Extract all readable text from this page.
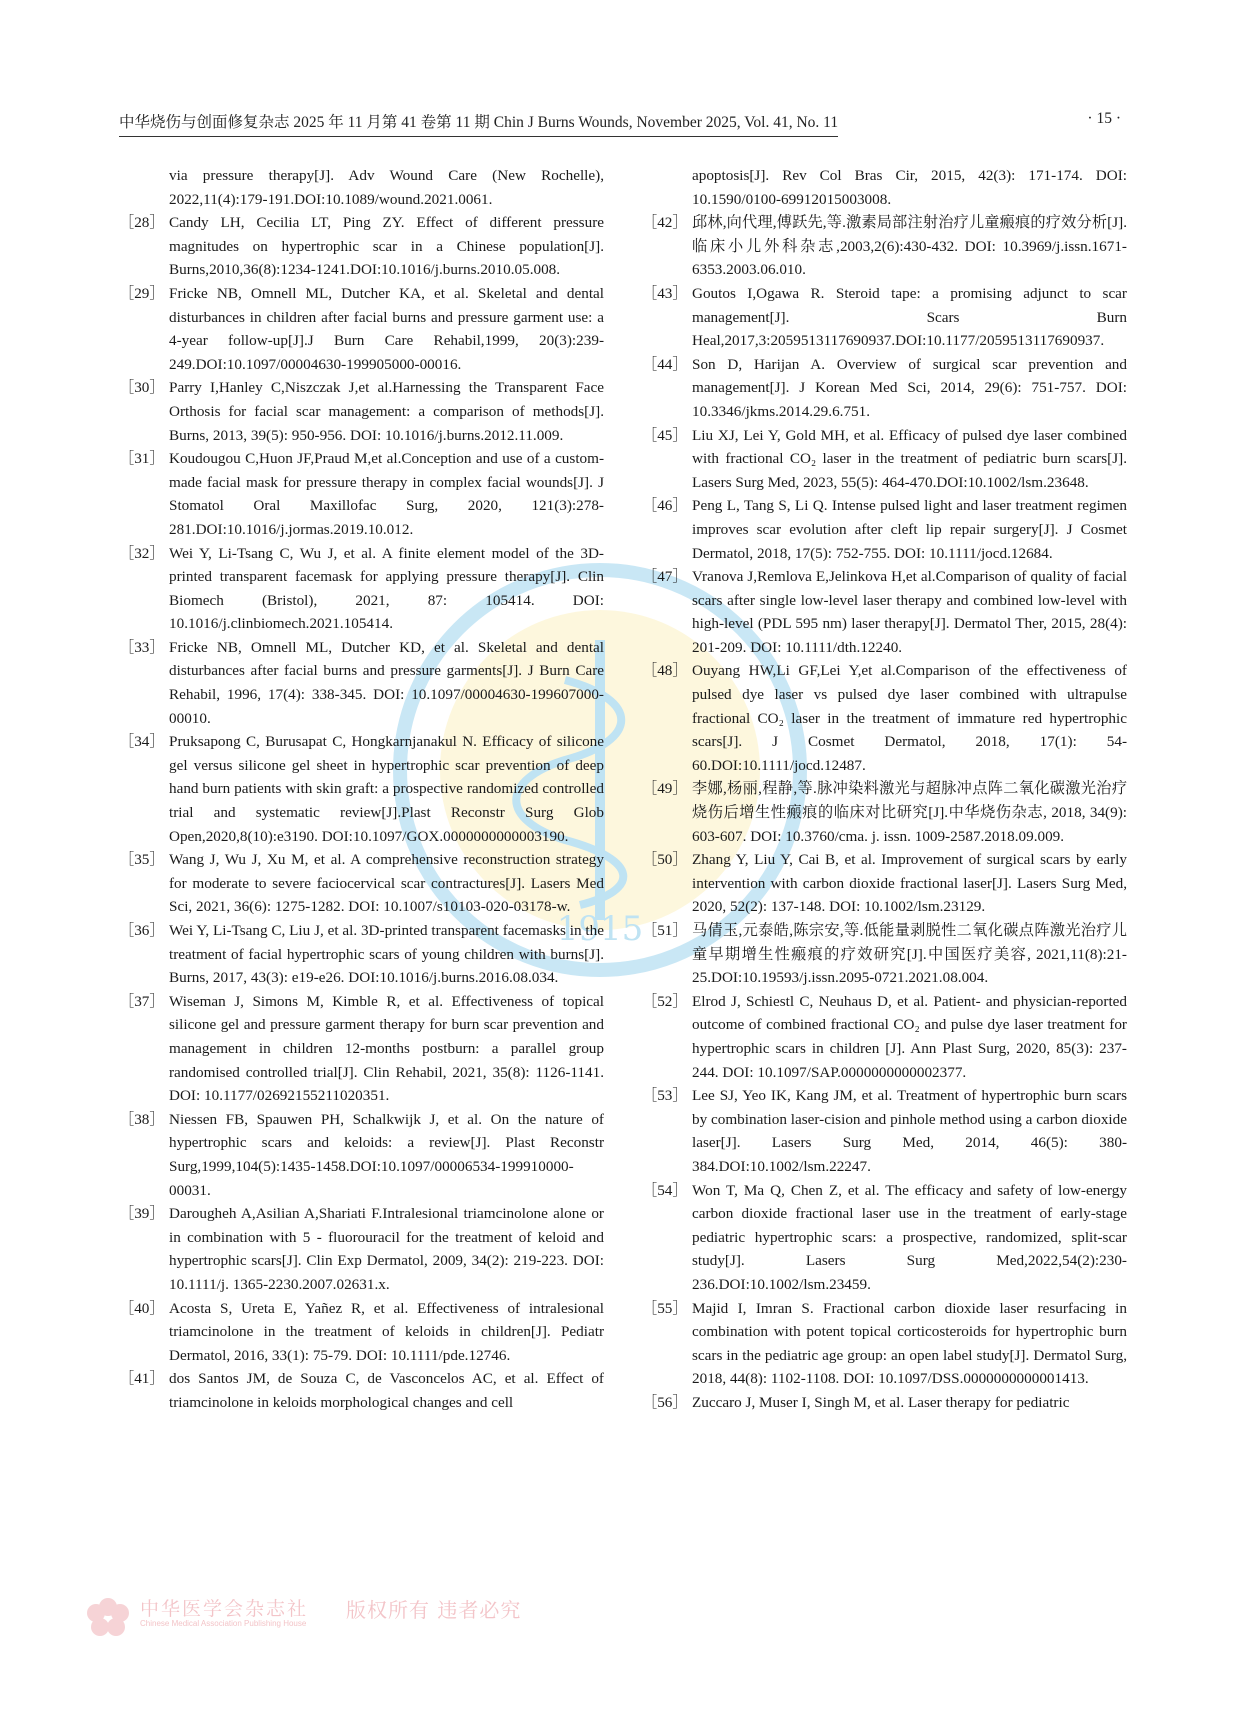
1915
中华烧伤与创面修复杂志 2025 年 11 月第 41 卷第 11 期 Chin J Burns Wounds, November 2025, Vol. 41, No. 11	· 15 ·
via pressure therapy[J]. Adv Wound Care (New Rochelle), 2022,11(4):179-191.DOI:10.1089/wound.2021.0061.
［28］ Candy LH, Cecilia LT, Ping ZY. Effect of different pressure magnitudes on hypertrophic scar in a Chinese population[J]. Burns,2010,36(8):1234-1241.DOI:10.1016/j.burns.2010.05.008.
［29］ Fricke NB, Omnell ML, Dutcher KA, et al. Skeletal and dental disturbances in children after facial burns and pressure garment use: a 4-year follow-up[J].J Burn Care Rehabil,1999, 20(3):239-249.DOI:10.1097/00004630-199905000-00016.
［30］ Parry I,Hanley C,Niszczak J,et al.Harnessing the Transparent Face Orthosis for facial scar management: a comparison of methods[J]. Burns, 2013, 39(5): 950-956. DOI: 10.1016/j.burns.2012.11.009.
［31］ Koudougou C,Huon JF,Praud M,et al.Conception and use of a custom-made facial mask for pressure therapy in complex facial wounds[J]. J Stomatol Oral Maxillofac Surg, 2020, 121(3):278-281.DOI:10.1016/j.jormas.2019.10.012.
［32］ Wei Y, Li-Tsang C, Wu J, et al. A finite element model of the 3D-printed transparent facemask for applying pressure therapy[J]. Clin Biomech (Bristol), 2021, 87: 105414. DOI: 10.1016/j.clinbiomech.2021.105414.
［33］ Fricke NB, Omnell ML, Dutcher KD, et al. Skeletal and dental disturbances after facial burns and pressure garments[J]. J Burn Care Rehabil, 1996, 17(4): 338-345. DOI: 10.1097/00004630-199607000-00010.
［34］ Pruksapong C, Burusapat C, Hongkarnjanakul N. Efficacy of silicone gel versus silicone gel sheet in hypertrophic scar prevention of deep hand burn patients with skin graft: a prospective randomized controlled trial and systematic review[J].Plast Reconstr Surg Glob Open,2020,8(10):e3190. DOI:10.1097/GOX.0000000000003190.
［35］ Wang J, Wu J, Xu M, et al. A comprehensive reconstruction strategy for moderate to severe faciocervical scar contractures[J]. Lasers Med Sci, 2021, 36(6): 1275-1282. DOI: 10.1007/s10103-020-03178-w.
［36］ Wei Y, Li-Tsang C, Liu J, et al. 3D-printed transparent facemasks in the treatment of facial hypertrophic scars of young children with burns[J]. Burns, 2017, 43(3): e19-e26. DOI:10.1016/j.burns.2016.08.034.
［37］ Wiseman J, Simons M, Kimble R, et al. Effectiveness of topical silicone gel and pressure garment therapy for burn scar prevention and management in children 12-months postburn: a parallel group randomised controlled trial[J]. Clin Rehabil, 2021, 35(8): 1126-1141. DOI: 10.1177/02692155211020351.
［38］ Niessen FB, Spauwen PH, Schalkwijk J, et al. On the nature of hypertrophic scars and keloids: a review[J]. Plast Reconstr Surg,1999,104(5):1435-1458.DOI:10.1097/00006534-199910000-00031.
［39］ Darougheh A,Asilian A,Shariati F.Intralesional triamcinolone alone or in combination with 5 - fluorouracil for the treatment of keloid and hypertrophic scars[J]. Clin Exp Dermatol, 2009, 34(2): 219-223. DOI: 10.1111/j. 1365-2230.2007.02631.x.
［40］ Acosta S, Ureta E, Yañez R, et al. Effectiveness of intralesional triamcinolone in the treatment of keloids in children[J]. Pediatr Dermatol, 2016, 33(1): 75-79. DOI: 10.1111/pde.12746.
［41］ dos Santos JM, de Souza C, de Vasconcelos AC, et al. Effect of triamcinolone in keloids morphological changes and cell
apoptosis[J]. Rev Col Bras Cir, 2015, 42(3): 171-174. DOI: 10.1590/0100-69912015003008.
［42］ 邱林,向代理,傅跃先,等.激素局部注射治疗儿童瘢痕的疗效分析[J].临床小儿外科杂志,2003,2(6):430-432. DOI: 10.3969/j.issn.1671-6353.2003.06.010.
［43］ Goutos I,Ogawa R. Steroid tape: a promising adjunct to scar management[J]. Scars Burn Heal,2017,3:2059513117690937.DOI:10.1177/2059513117690937.
［44］ Son D, Harijan A. Overview of surgical scar prevention and management[J]. J Korean Med Sci, 2014, 29(6): 751-757. DOI: 10.3346/jkms.2014.29.6.751.
［45］ Liu XJ, Lei Y, Gold MH, et al. Efficacy of pulsed dye laser combined with fractional CO₂ laser in the treatment of pediatric burn scars[J]. Lasers Surg Med, 2023, 55(5): 464-470.DOI:10.1002/lsm.23648.
［46］ Peng L, Tang S, Li Q. Intense pulsed light and laser treatment regimen improves scar evolution after cleft lip repair surgery[J]. J Cosmet Dermatol, 2018, 17(5): 752-755. DOI: 10.1111/jocd.12684.
［47］ Vranova J,Remlova E,Jelinkova H,et al.Comparison of quality of facial scars after single low-level laser therapy and combined low-level with high-level (PDL 595 nm) laser therapy[J]. Dermatol Ther, 2015, 28(4): 201-209. DOI: 10.1111/dth.12240.
［48］ Ouyang HW,Li GF,Lei Y,et al.Comparison of the effectiveness of pulsed dye laser vs pulsed dye laser combined with ultrapulse fractional CO₂ laser in the treatment of immature red hypertrophic scars[J]. J Cosmet Dermatol, 2018, 17(1): 54-60.DOI:10.1111/jocd.12487.
［49］ 李娜,杨丽,程静,等.脉冲染料激光与超脉冲点阵二氧化碳激光治疗烧伤后增生性瘢痕的临床对比研究[J].中华烧伤杂志, 2018, 34(9): 603-607. DOI: 10.3760/cma. j. issn. 1009-2587.2018.09.009.
［50］ Zhang Y, Liu Y, Cai B, et al. Improvement of surgical scars by early intervention with carbon dioxide fractional laser[J]. Lasers Surg Med, 2020, 52(2): 137-148. DOI: 10.1002/lsm.23129.
［51］ 马倩玉,元泰皓,陈宗安,等.低能量剥脱性二氧化碳点阵激光治疗儿童早期增生性瘢痕的疗效研究[J].中国医疗美容, 2021,11(8):21-25.DOI:10.19593/j.issn.2095-0721.2021.08.004.
［52］ Elrod J, Schiestl C, Neuhaus D, et al. Patient- and physician-reported outcome of combined fractional CO₂ and pulse dye laser treatment for hypertrophic scars in children [J]. Ann Plast Surg, 2020, 85(3): 237-244. DOI: 10.1097/SAP.0000000000002377.
［53］ Lee SJ, Yeo IK, Kang JM, et al. Treatment of hypertrophic burn scars by combination laser-cision and pinhole method using a carbon dioxide laser[J]. Lasers Surg Med, 2014, 46(5): 380-384.DOI:10.1002/lsm.22247.
［54］ Won T, Ma Q, Chen Z, et al. The efficacy and safety of low-energy carbon dioxide fractional laser use in the treatment of early-stage pediatric hypertrophic scars: a prospective, randomized, split-scar study[J]. Lasers Surg Med,2022,54(2):230-236.DOI:10.1002/lsm.23459.
［55］ Majid I, Imran S. Fractional carbon dioxide laser resurfacing in combination with potent topical corticosteroids for hypertrophic burn scars in the pediatric age group: an open label study[J]. Dermatol Surg, 2018, 44(8): 1102-1108. DOI: 10.1097/DSS.0000000000001413.
［56］ Zuccaro J, Muser I, Singh M, et al. Laser therapy for pediatric
中华医学会杂志社
Chinese Medical Association Publishing House
版权所有 违者必究
